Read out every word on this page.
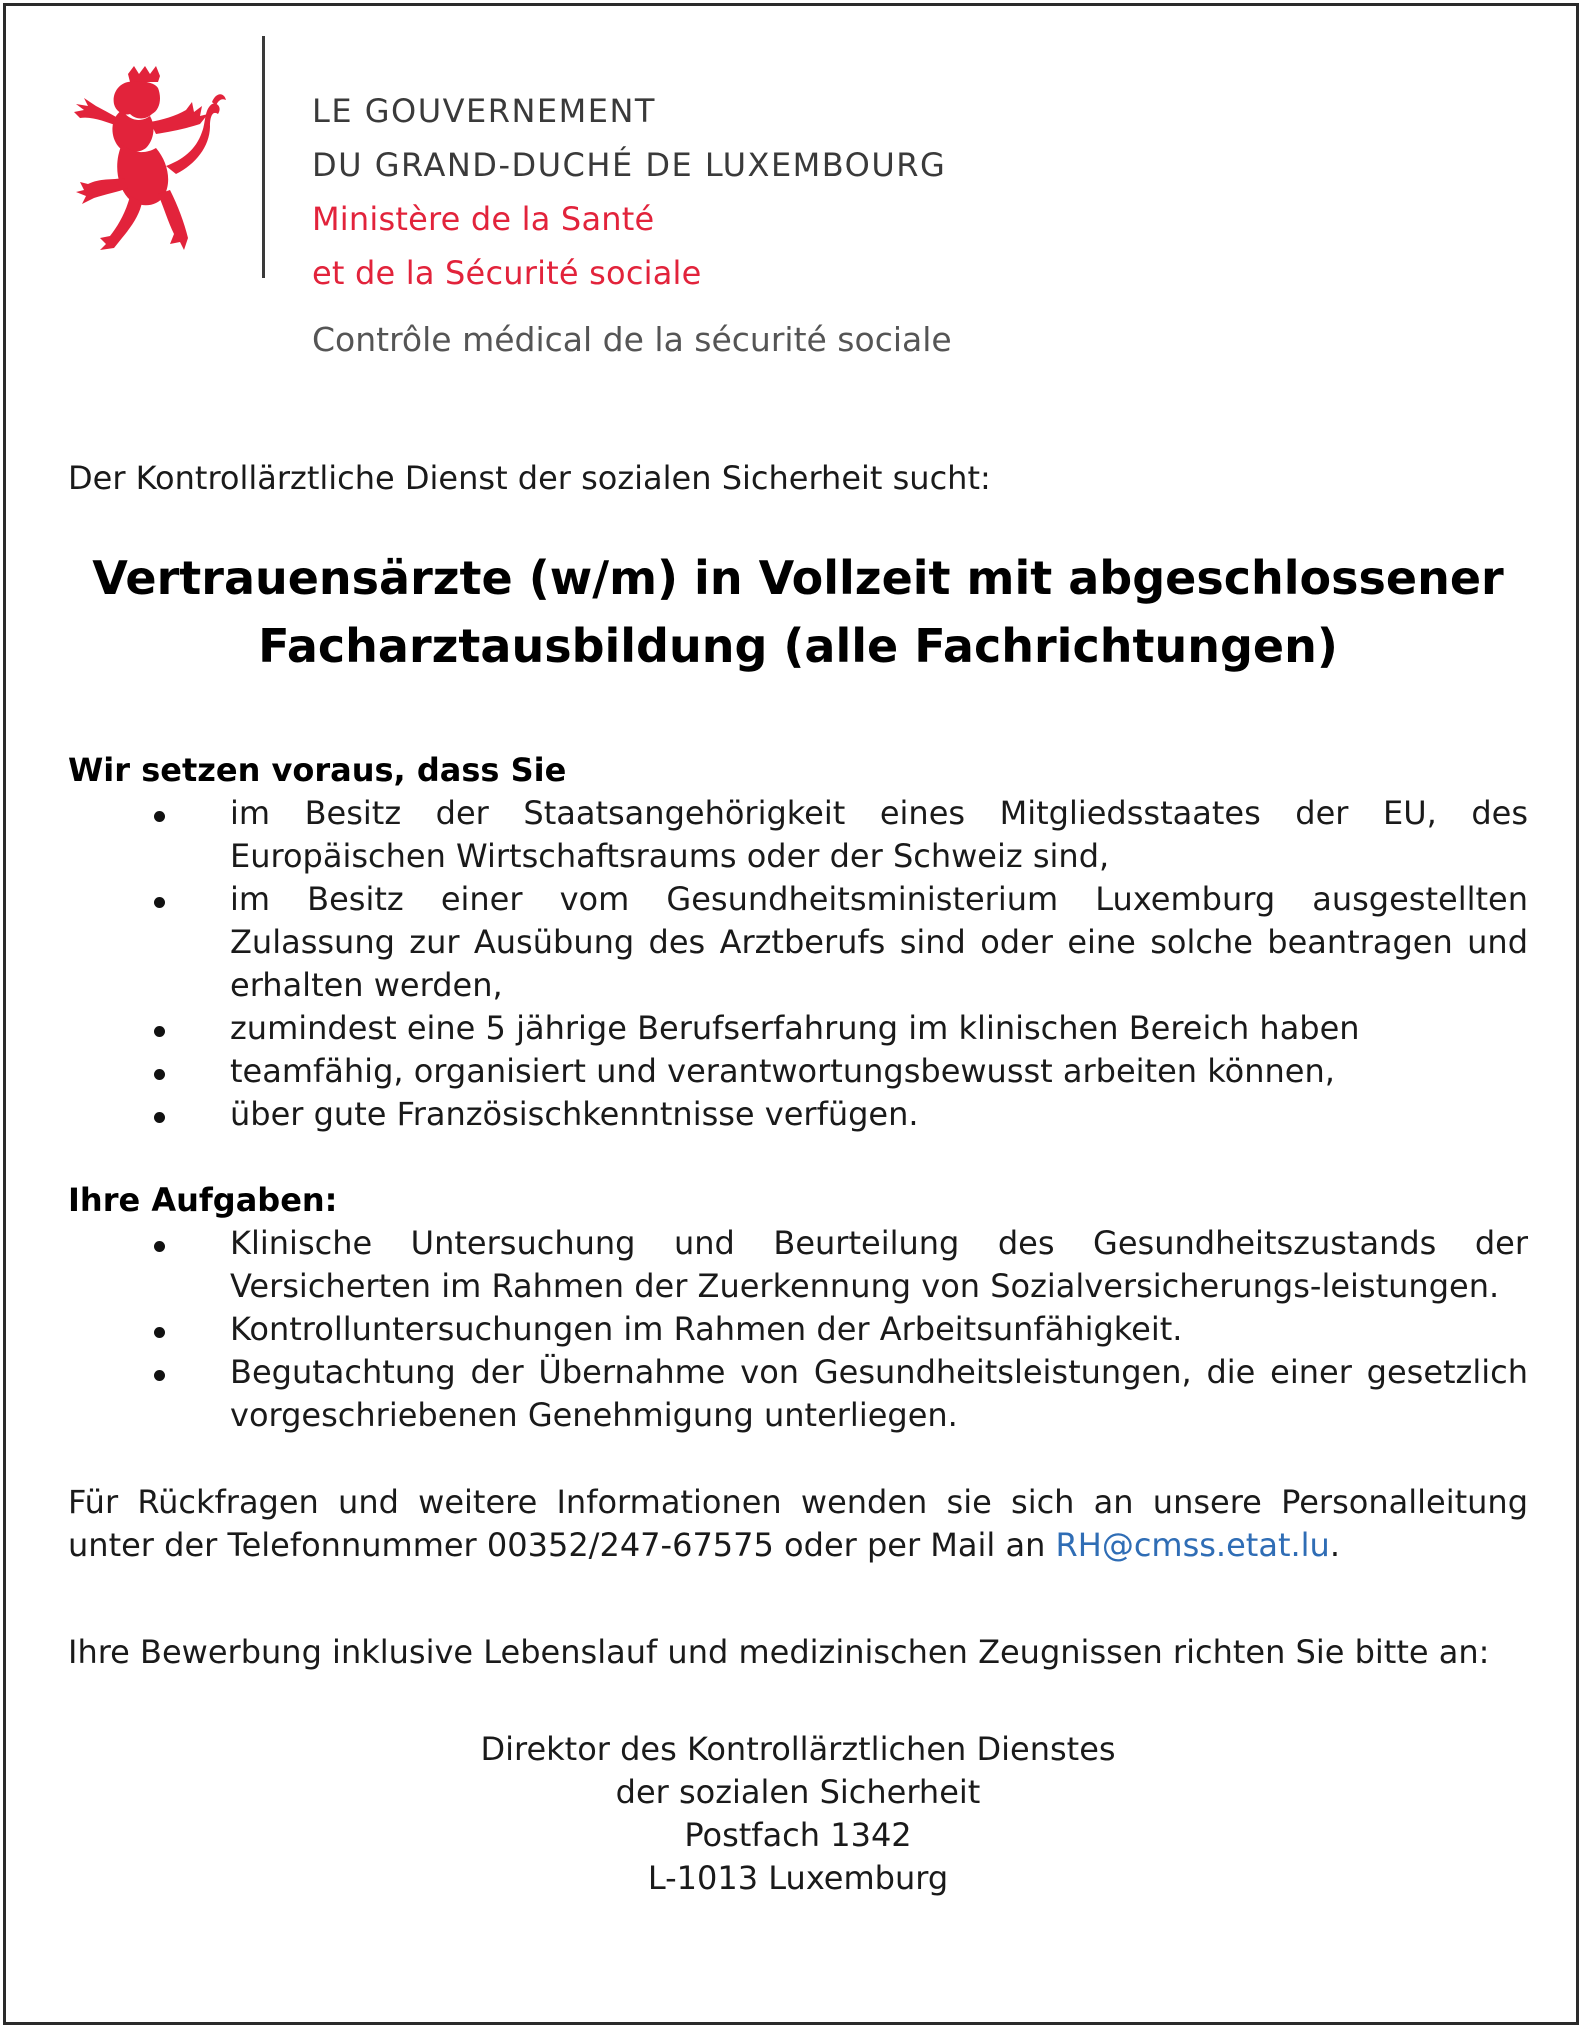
LE GOUVERNEMENT
DU GRAND-DUCHÉ DE LUXEMBOURG
Ministère de la Santé
et de la Sécurité sociale
Contrôle médical de la sécurité sociale

Der Kontrollärztliche Dienst der sozialen Sicherheit sucht:

Vertrauensärzte (w/m) in Vollzeit mit abgeschlossener
Facharztausbildung (alle Fachrichtungen)
Wir setzen voraus, dass Sie
im Besitz der Staatsangehörigkeit eines Mitgliedsstaates der EU, des Europäischen Wirtschaftsraums oder der Schweiz sind,
im Besitz einer vom Gesundheitsministerium Luxemburg ausgestellten Zulassung zur Ausübung des Arztberufs sind oder eine solche beantragen und erhalten werden,
zumindest eine 5 jährige Berufserfahrung im klinischen Bereich haben
teamfähig, organisiert und verantwortungsbewusst arbeiten können,
über gute Französischkenntnisse verfügen.
Ihre Aufgaben:
Klinische Untersuchung und Beurteilung des Gesundheitszustands der Versicherten im Rahmen der Zuerkennung von Sozialversicherungs-leistungen.
Kontrolluntersuchungen im Rahmen der Arbeitsunfähigkeit.
Begutachtung der Übernahme von Gesundheitsleistungen, die einer gesetzlich vorgeschriebenen Genehmigung unterliegen.

Für Rückfragen und weitere Informationen wenden sie sich an unsere Personalleitung unter der Telefonnummer 00352/247-67575 oder per Mail an RH@cmss.etat.lu.

Ihre Bewerbung inklusive Lebenslauf und medizinischen Zeugnissen richten Sie bitte an:

Direktor des Kontrollärztlichen Dienstes
der sozialen Sicherheit
Postfach 1342
L-1013 Luxemburg
